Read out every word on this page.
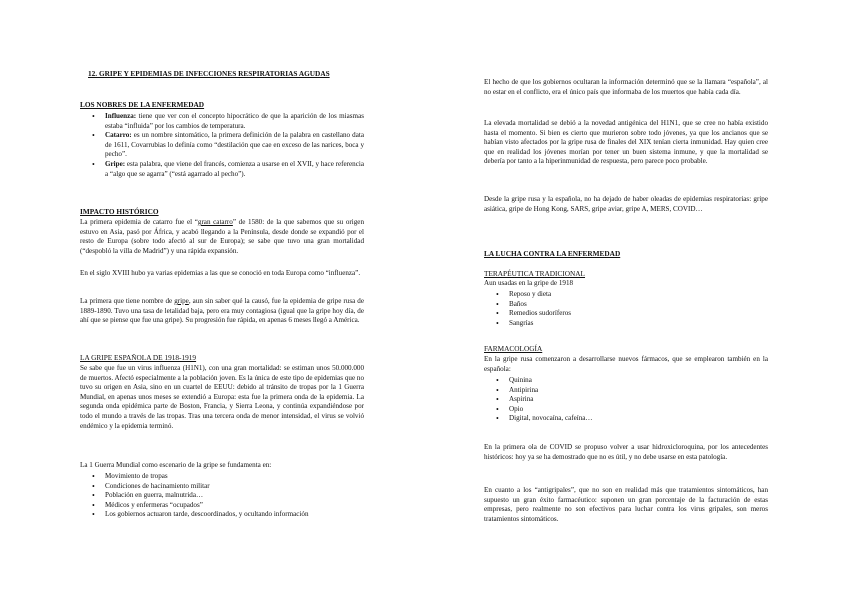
12. GRIPE Y EPIDEMIAS DE INFECCIONES RESPIRATORIAS AGUDAS
LOS NOBRES DE LA ENFERMEDAD
• Influenza: tiene que ver con el concepto hipocrático de que la aparición de los miasmas estaba “influida” por los cambios de temperatura.
• Catarro: es un nombre sintomático, la primera definición de la palabra en castellano data de 1611, Covarrubias lo definía como “destilación que cae en exceso de las narices, boca y pecho”.
• Gripe: esta palabra, que viene del francés, comienza a usarse en el XVII, y hace referencia a “algo que se agarra” (“está agarrado al pecho”).
IMPACTO HISTÓRICO

La primera epidemia de catarro fue el “gran catarro” de 1580: de la que sabemos que su origen estuvo en Asia, pasó por África, y acabó llegando a la Península, desde donde se expandió por el resto de Europa (sobre todo afectó al sur de Europa); se sabe que tuvo una gran mortalidad (“despobló la villa de Madrid”) y una rápida expansión.

En el siglo XVIII hubo ya varias epidemias a las que se conoció en toda Europa como “influenza”.

La primera que tiene nombre de gripe, aun sin saber qué la causó, fue la epidemia de gripe rusa de 1889-1890. Tuvo una tasa de letalidad baja, pero era muy contagiosa (igual que la gripe hoy día, de ahí que se piense que fue una gripe). Su progresión fue rápida, en apenas 6 meses llegó a América.

LA GRIPE ESPAÑOLA DE 1918-1919

Se sabe que fue un virus influenza (H1N1), con una gran mortalidad: se estiman unos 50.000.000 de muertos. Afectó especialmente a la población joven. Es la única de este tipo de epidemias que no tuvo su origen en Asia, sino en un cuartel de EEUU: debido al tránsito de tropas por la 1 Guerra Mundial, en apenas unos meses se extendió a Europa: esta fue la primera onda de la epidemia. La segunda onda epidémica parte de Boston, Francia, y Sierra Leona, y continúa expandiéndose por todo el mundo a través de las tropas. Tras una tercera onda de menor intensidad, el virus se volvió endémico y la epidemia terminó.

La 1 Guerra Mundial como escenario de la gripe se fundamenta en:

• Movimiento de tropas
• Condiciones de hacinamiento militar
• Población en guerra, malnutrida…
• Médicos y enfermeras “ocupados”
• Los gobiernos actuaron tarde, descoordinados, y ocultando información

El hecho de que los gobiernos ocultaran la información determinó que se la llamara “española”, al no estar en el conflicto, era el único país que informaba de los muertos que había cada día.

La elevada mortalidad se debió a la novedad antigénica del H1N1, que se cree no había existido hasta el momento. Si bien es cierto que murieron sobre todo jóvenes, ya que los ancianos que se habían visto afectados por la gripe rusa de finales del XIX tenían cierta inmunidad. Hay quien cree que en realidad los jóvenes morían por tener un buen sistema inmune, y que la mortalidad se debería por tanto a la hiperinmunidad de respuesta, pero parece poco probable.

Desde la gripe rusa y la española, no ha dejado de haber oleadas de epidemias respiratorias: gripe asiática, gripe de Hong Kong, SARS, gripe aviar, gripe A, MERS, COVID…

LA LUCHA CONTRA LA ENFERMEDAD
TERAPÉUTICA TRADICIONAL

Aun usadas en la gripe de 1918

• Reposo y dieta
• Baños
• Remedios sudoríferos
• Sangrías
FARMACOLOGÍA

En la gripe rusa comenzaron a desarrollarse nuevos fármacos, que se emplearon también en la española:

• Quinina
• Antipirina
• Aspirina
• Opio
• Digital, novocaína, cafeína…

En la primera ola de COVID se propuso volver a usar hidroxicloroquina, por los antecedentes históricos: hoy ya se ha demostrado que no es útil, y no debe usarse en esta patología.

En cuanto a los “antigripales”, que no son en realidad más que tratamientos sintomáticos, han supuesto un gran éxito farmacéutico: suponen un gran porcentaje de la facturación de estas empresas, pero realmente no son efectivos para luchar contra los virus gripales, son meros tratamientos sintomáticos.
